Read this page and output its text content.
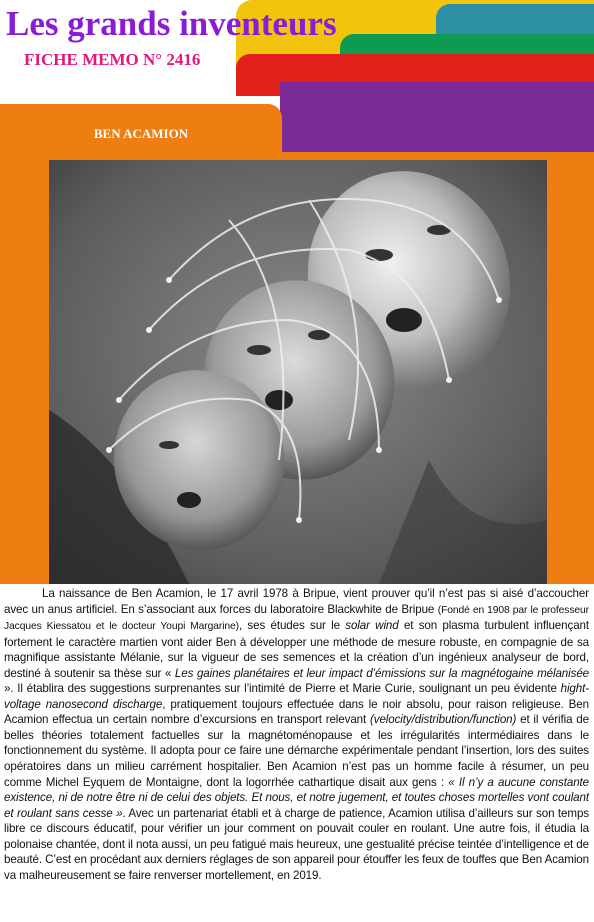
Les grands inventeurs
FICHE MEMO N° 2416
BEN ACAMION

La naissance de Ben Acamion, le 17 avril 1978 à Bripue, vient prouver qu’il n’est pas si aisé d’accoucher avec un anus artificiel. En s’associant aux forces du laboratoire Blackwhite de Bripue (Fondé en 1908 par le professeur Jacques Kiessatou et le docteur Youpi Margarine), ses études sur le solar wind et son plasma turbulent influençant fortement le caractère martien vont aider Ben à développer une méthode de mesure robuste, en compagnie de sa magnifique assistante Mélanie, sur la vigueur de ses semences et la création d’un ingénieux analyseur de bord, destiné à soutenir sa thèse sur « Les gaines planétaires et leur impact d’émissions sur la magnétogaine mélanisée ». Il établira des suggestions surprenantes sur l’intimité de Pierre et Marie Curie, soulignant un peu évidente hight-voltage nanosecond discharge, pratiquement toujours effectuée dans le noir absolu, pour raison religieuse. Ben Acamion effectua un certain nombre d’excursions en transport relevant (velocity/distribution/function) et il vérifia de belles théories totalement factuelles sur la magnétoménopause et les irrégularités intermédiaires dans le fonctionnement du système. Il adopta pour ce faire une démarche expérimentale pendant l’insertion, lors des suites opératoires dans un milieu carrément hospitalier. Ben Acamion n’est pas un homme facile à résumer, un peu comme Michel Eyquem de Montaigne, dont la logorrhée cathartique disait aux gens : « Il n’y a aucune constante existence, ni de notre être ni de celui des objets. Et nous, et notre jugement, et toutes choses mortelles vont coulant et roulant sans cesse ». Avec un partenariat établi et à charge de patience, Acamion utilisa d’ailleurs sur son temps libre ce discours éducatif, pour vérifier un jour comment on pouvait couler en roulant. Une autre fois, il étudia la polonaise chantée, dont il nota aussi, un peu fatigué mais heureux, une gestualité précise teintée d’intelligence et de beauté. C’est en procédant aux derniers réglages de son appareil pour étouffer les feux de touffes que Ben Acamion va malheureusement se faire renverser mortellement, en 2019.
